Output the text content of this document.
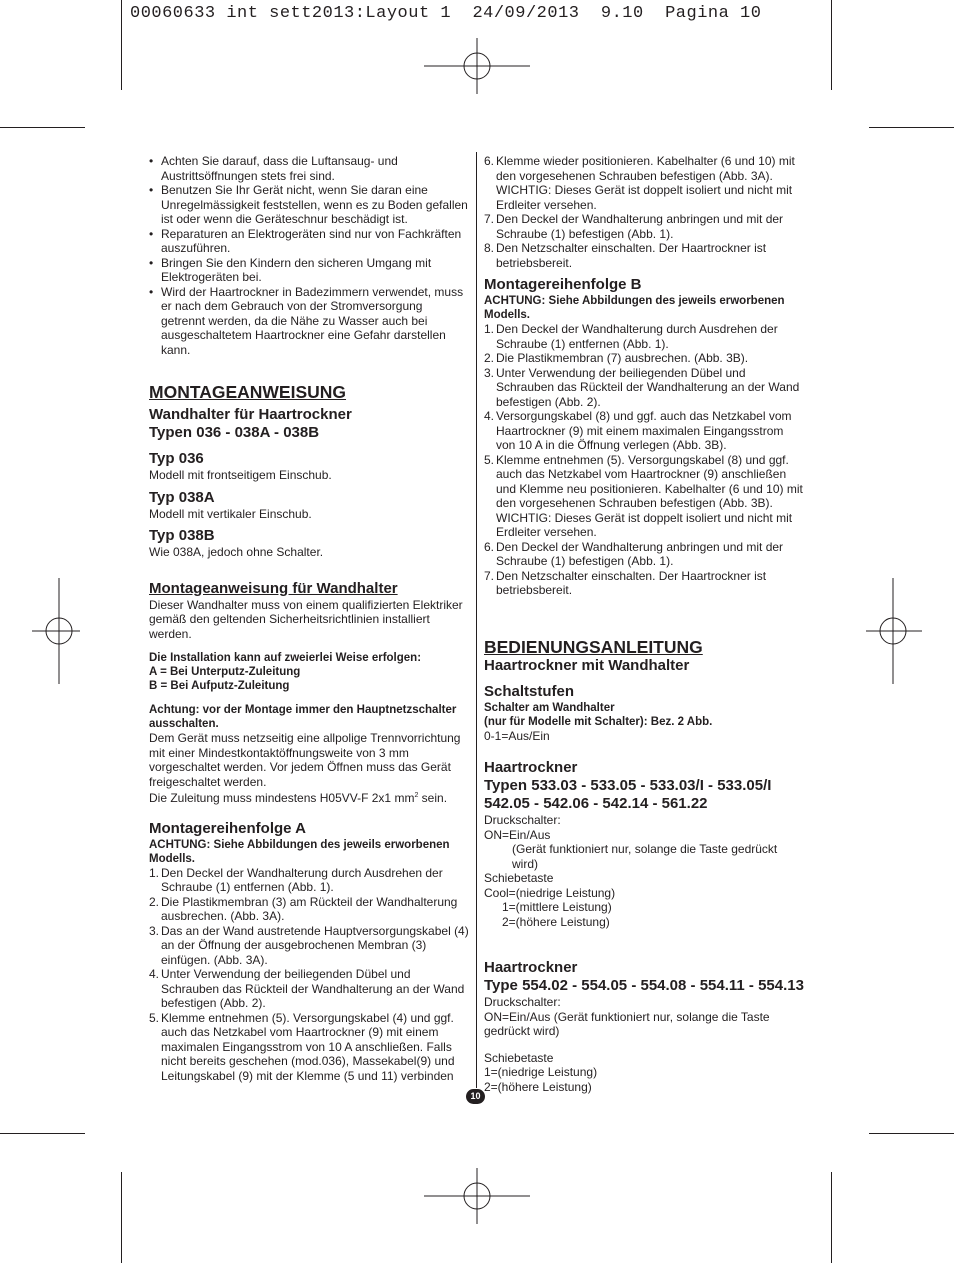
00060633 int sett2013:Layout 1  24/09/2013  9.10  Pagina 10
• Achten Sie darauf, dass die Luftansaug- und Austrittsöffnungen stets frei sind.
• Benutzen Sie Ihr Gerät nicht, wenn Sie daran eine Unregelmässigkeit feststellen, wenn es zu Boden gefallen ist oder wenn die Geräteschnur beschädigt ist.
• Reparaturen an Elektrogeräten sind nur von Fachkräften auszuführen.
• Bringen Sie den Kindern den sicheren Umgang mit Elektrogeräten bei.
• Wird der Haartrockner in Badezimmern verwendet, muss er nach dem Gebrauch von der Stromversorgung getrennt werden, da die Nähe zu Wasser auch bei ausgeschaltetem Haartrockner eine Gefahr darstellen kann.
MONTAGEANWEISUNG
Wandhalter für Haartrockner
Typen 036 - 038A - 038B
Typ 036

Modell mit frontseitigem Einschub.

Typ 038A

Modell mit vertikaler Einschub.

Typ 038B

Wie 038A, jedoch ohne Schalter.

Montageanweisung für Wandhalter

Dieser Wandhalter muss von einem qualifizierten Elektriker gemäß den geltenden Sicherheitsrichtlinien installiert werden.

Die Installation kann auf zweierlei Weise erfolgen:

A = Bei Unterputz-Zuleitung

B = Bei Aufputz-Zuleitung

Achtung: vor der Montage immer den Hauptnetzschalter ausschalten.

Dem Gerät muss netzseitig eine allpolige Trennvorrichtung mit einer Mindestkontaktöffnungsweite von 3 mm vorgeschaltet werden. Vor jedem Öffnen muss das Gerät freigeschaltet werden.

Die Zuleitung muss mindestens H05VV-F 2x1 $mm^2$ sein.

Montagereihenfolge A

ACHTUNG: Siehe Abbildungen des jeweils erworbenen Modells.

1. Den Deckel der Wandhalterung durch Ausdrehen der Schraube (1) entfernen (Abb. 1).
2. Die Plastikmembran (3) am Rückteil der Wandhalterung ausbrechen. (Abb. 3A).
3. Das an der Wand austretende Hauptversorgungskabel (4) an der Öffnung der ausgebrochenen Membran (3) einfügen. (Abb. 3A).
4. Unter Verwendung der beiliegenden Dübel und Schrauben das Rückteil der Wandhalterung an der Wand befestigen (Abb. 2).
5. Klemme entnehmen (5). Versorgungskabel (4) und ggf. auch das Netzkabel vom Haartrockner (9) mit einem maximalen Eingangsstrom von 10 A anschließen. Falls nicht bereits geschehen (mod.036), Massekabel(9) und Leitungskabel (9) mit der Klemme (5 und 11) verbinden
6. Klemme wieder positionieren. Kabelhalter (6 und 10) mit den vorgesehenen Schrauben befestigen (Abb. 3A). WICHTIG: Dieses Gerät ist doppelt isoliert und nicht mit Erdleiter versehen.
7. Den Deckel der Wandhalterung anbringen und mit der Schraube (1) befestigen (Abb. 1).
8. Den Netzschalter einschalten. Der Haartrockner ist betriebsbereit.
Montagereihenfolge B

ACHTUNG: Siehe Abbildungen des jeweils erworbenen Modells.

1. Den Deckel der Wandhalterung durch Ausdrehen der Schraube (1) entfernen (Abb. 1).
2. Die Plastikmembran (7) ausbrechen. (Abb. 3B).
3. Unter Verwendung der beiliegenden Dübel und Schrauben das Rückteil der Wandhalterung an der Wand befestigen (Abb. 2).
4. Versorgungskabel (8) und ggf. auch das Netzkabel vom Haartrockner (9) mit einem maximalen Eingangsstrom von 10 A in die Öffnung verlegen (Abb. 3B).
5. Klemme entnehmen (5). Versorgungskabel (8) und ggf. auch das Netzkabel vom Haartrockner (9) anschließen und Klemme neu positionieren. Kabelhalter (6 und 10) mit den vorgesehenen Schrauben befestigen (Abb. 3B). WICHTIG: Dieses Gerät ist doppelt isoliert und nicht mit Erdleiter versehen.
6. Den Deckel der Wandhalterung anbringen und mit der Schraube (1) befestigen (Abb. 1).
7. Den Netzschalter einschalten. Der Haartrockner ist betriebsbereit.
BEDIENUNGSANLEITUNG
Haartrockner mit Wandhalter
Schaltstufen

Schalter am Wandhalter

(nur für Modelle mit Schalter): Bez. 2 Abb.

0-1=Aus/Ein

Haartrockner
Typen 533.03 - 533.05 - 533.03/I - 533.05/I 542.05 - 542.06 - 542.14 - 561.22

Druckschalter:

ON=Ein/Aus

(Gerät funktioniert nur, solange die Taste gedrückt wird)

Schiebetaste

Cool=(niedrige Leistung)

1=(mittlere Leistung)

2=(höhere Leistung)

Haartrockner
Type 554.02 - 554.05 - 554.08 - 554.11 - 554.13

Druckschalter:

ON=Ein/Aus (Gerät funktioniert nur, solange die Taste gedrückt wird)

Schiebetaste

1=(niedrige Leistung)

2=(höhere Leistung)

10
